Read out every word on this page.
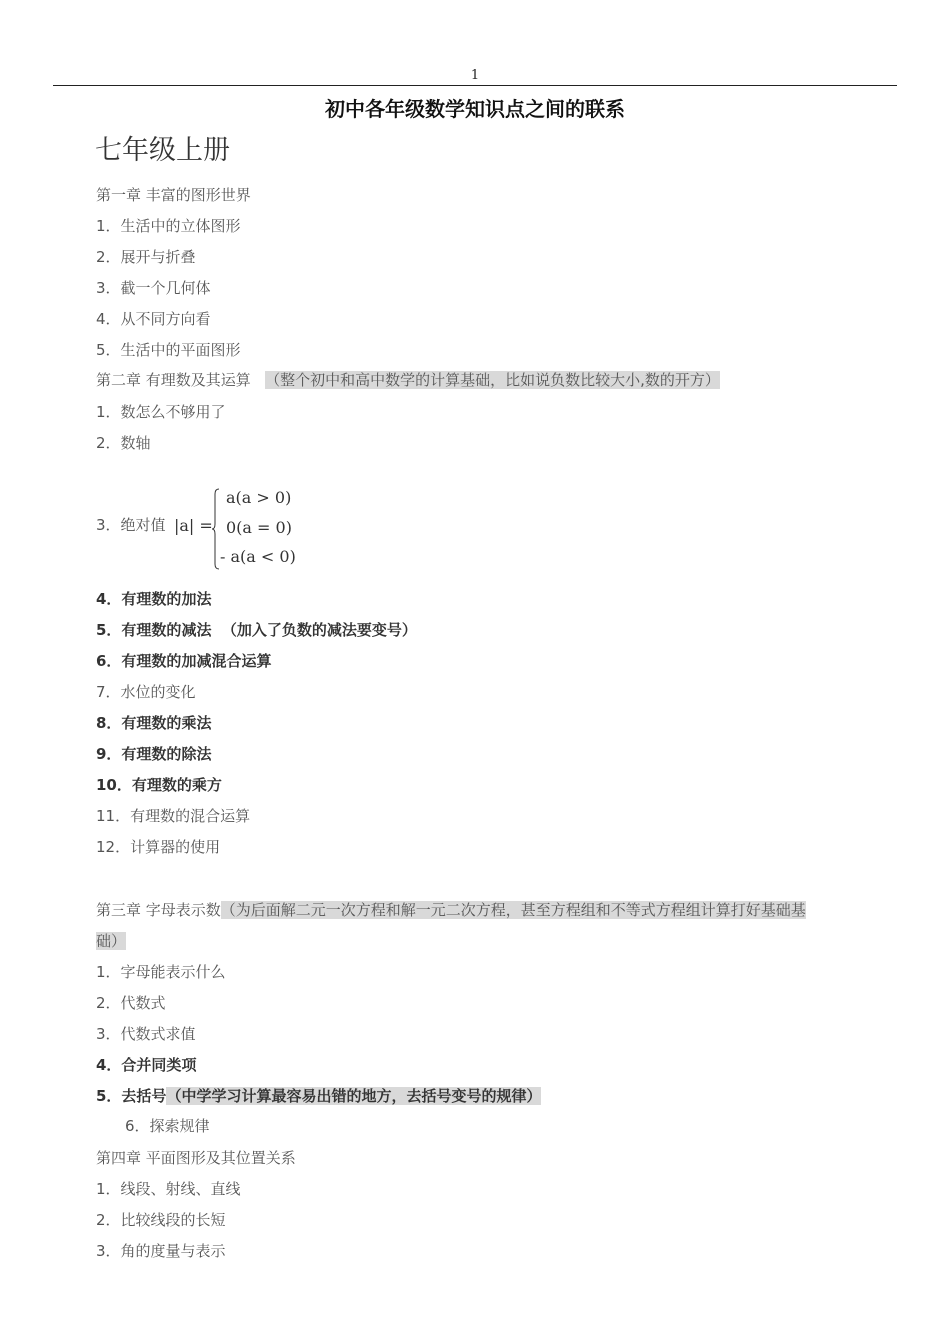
1
初中各年级数学知识点之间的联系
七年级上册
第一章 丰富的图形世界
1．生活中的立体图形
2．展开与折叠
3．截一个几何体
4．从不同方向看
5．生活中的平面图形
第二章 有理数及其运算 （整个初中和高中数学的计算基础，比如说负数比较大小,数的开方）
1．数怎么不够用了
2．数轴
3．绝对值 |a| =
a(a > 0)
0(a = 0)
- a(a < 0)
4．有理数的加法
5．有理数的减法 （加入了负数的减法要变号）
6．有理数的加减混合运算
7．水位的变化
8．有理数的乘法
9．有理数的除法
10．有理数的乘方
11．有理数的混合运算
12．计算器的使用
第三章 字母表示数（为后面解二元一次方程和解一元二次方程，甚至方程组和不等式方程组计算打好基础基
础）
1．字母能表示什么
2．代数式
3．代数式求值
4．合并同类项
5．去括号（中学学习计算最容易出错的地方，去括号变号的规律）
6．探索规律
第四章 平面图形及其位置关系
1．线段、射线、直线
2．比较线段的长短
3．角的度量与表示
